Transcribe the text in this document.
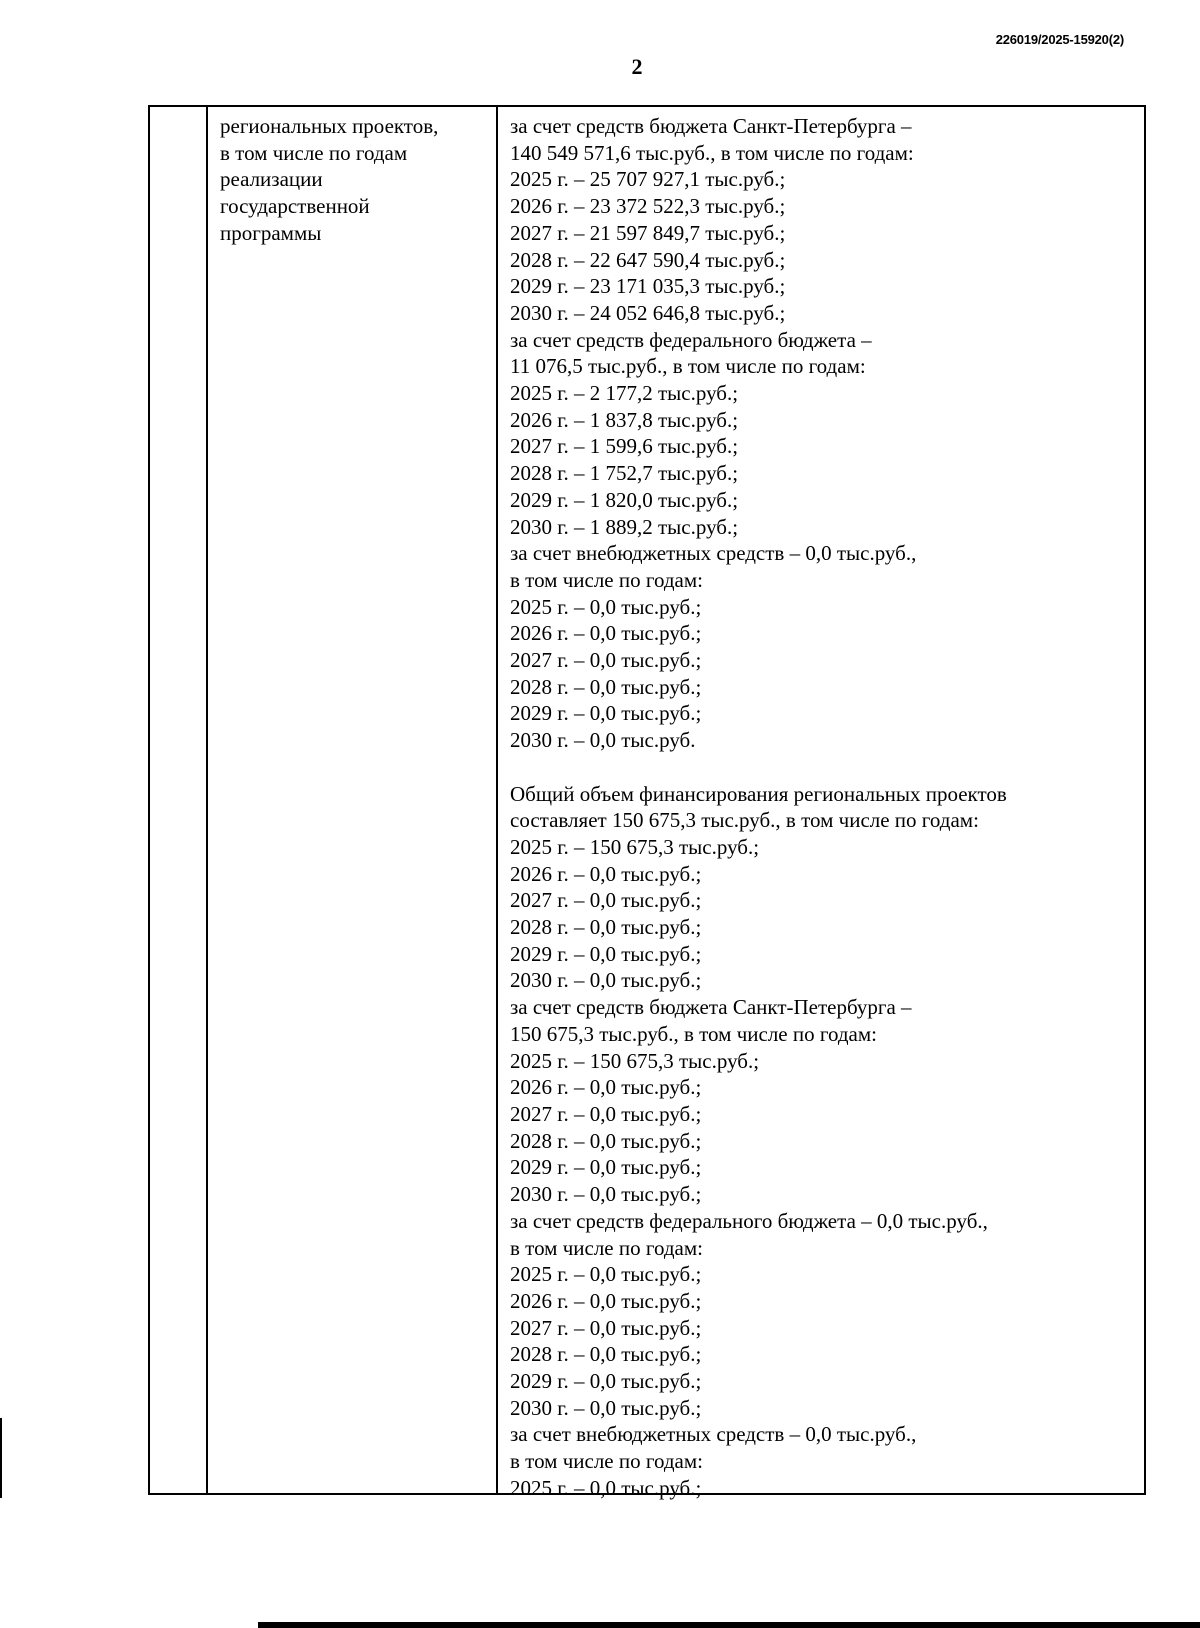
226019/2025-15920(2)
2
региональных проектов,
в том числе по годам
реализации
государственной
программы
за счет средств бюджета Санкт-Петербурга –
140 549 571,6 тыс.руб., в том числе по годам:
2025 г. – 25 707 927,1 тыс.руб.;
2026 г. – 23 372 522,3 тыс.руб.;
2027 г. – 21 597 849,7 тыс.руб.;
2028 г. – 22 647 590,4 тыс.руб.;
2029 г. – 23 171 035,3 тыс.руб.;
2030 г. – 24 052 646,8 тыс.руб.;
за счет средств федерального бюджета –
11 076,5 тыс.руб., в том числе по годам:
2025 г. – 2 177,2 тыс.руб.;
2026 г. – 1 837,8 тыс.руб.;
2027 г. – 1 599,6 тыс.руб.;
2028 г. – 1 752,7 тыс.руб.;
2029 г. – 1 820,0 тыс.руб.;
2030 г. – 1 889,2 тыс.руб.;
за счет внебюджетных средств – 0,0 тыс.руб.,
в том числе по годам:
2025 г. – 0,0 тыс.руб.;
2026 г. – 0,0 тыс.руб.;
2027 г. – 0,0 тыс.руб.;
2028 г. – 0,0 тыс.руб.;
2029 г. – 0,0 тыс.руб.;
2030 г. – 0,0 тыс.руб.
Общий объем финансирования региональных проектов
составляет 150 675,3 тыс.руб., в том числе по годам:
2025 г. – 150 675,3 тыс.руб.;
2026 г. – 0,0 тыс.руб.;
2027 г. – 0,0 тыс.руб.;
2028 г. – 0,0 тыс.руб.;
2029 г. – 0,0 тыс.руб.;
2030 г. – 0,0 тыс.руб.;
за счет средств бюджета Санкт-Петербурга –
150 675,3 тыс.руб., в том числе по годам:
2025 г. – 150 675,3 тыс.руб.;
2026 г. – 0,0 тыс.руб.;
2027 г. – 0,0 тыс.руб.;
2028 г. – 0,0 тыс.руб.;
2029 г. – 0,0 тыс.руб.;
2030 г. – 0,0 тыс.руб.;
за счет средств федерального бюджета – 0,0 тыс.руб.,
в том числе по годам:
2025 г. – 0,0 тыс.руб.;
2026 г. – 0,0 тыс.руб.;
2027 г. – 0,0 тыс.руб.;
2028 г. – 0,0 тыс.руб.;
2029 г. – 0,0 тыс.руб.;
2030 г. – 0,0 тыс.руб.;
за счет внебюджетных средств – 0,0 тыс.руб.,
в том числе по годам:
2025 г. – 0,0 тыс.руб.;
